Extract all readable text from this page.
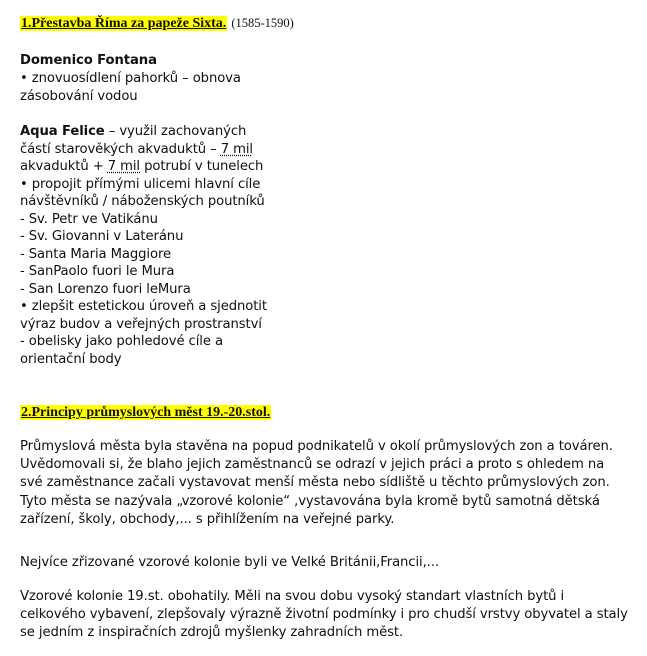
1.Přestavba Říma za papeže Sixta. (1585-1590)
Domenico Fontana
• znovuosídlení pahorků – obnova
zásobování vodou
Aqua Felice – využil zachovaných
částí starověkých akvaduktů – 7 mil
akvaduktů + 7 mil potrubí v tunelech
• propojit přímými ulicemi hlavní cíle
návštěvníků / náboženských poutníků
- Sv. Petr ve Vatikánu
- Sv. Giovanni v Lateránu
- Santa Maria Maggiore
- SanPaolo fuori le Mura
- San Lorenzo fuori leMura
• zlepšit estetickou úroveň a sjednotit
výraz budov a veřejných prostranství
- obelisky jako pohledové cíle a
orientační body
2.Principy průmyslových měst 19.-20.stol.
Průmyslová města byla stavěna na popud podnikatelů v okolí průmyslových zon a továren.
Uvědomovali si, že blaho jejich zaměstnanců se odrazí v jejich práci a proto s ohledem na
své zaměstnance začali vystavovat menší města nebo sídliště u těchto průmyslových zon.
Tyto města se nazývala „vzorové kolonie“ ,vystavována byla kromě bytů samotná dětská
zařízení, školy, obchody,... s přihlížením na veřejné parky.
Nejvíce zřizované vzorové kolonie byli ve Velké Británii,Francii,...
Vzorové kolonie 19.st. obohatily. Měli na svou dobu vysoký standart vlastních bytů i
celkového vybavení, zlepšovaly výrazně životní podmínky i pro chudší vrstvy obyvatel a staly
se jedním z inspiračních zdrojů myšlenky zahradních měst.
